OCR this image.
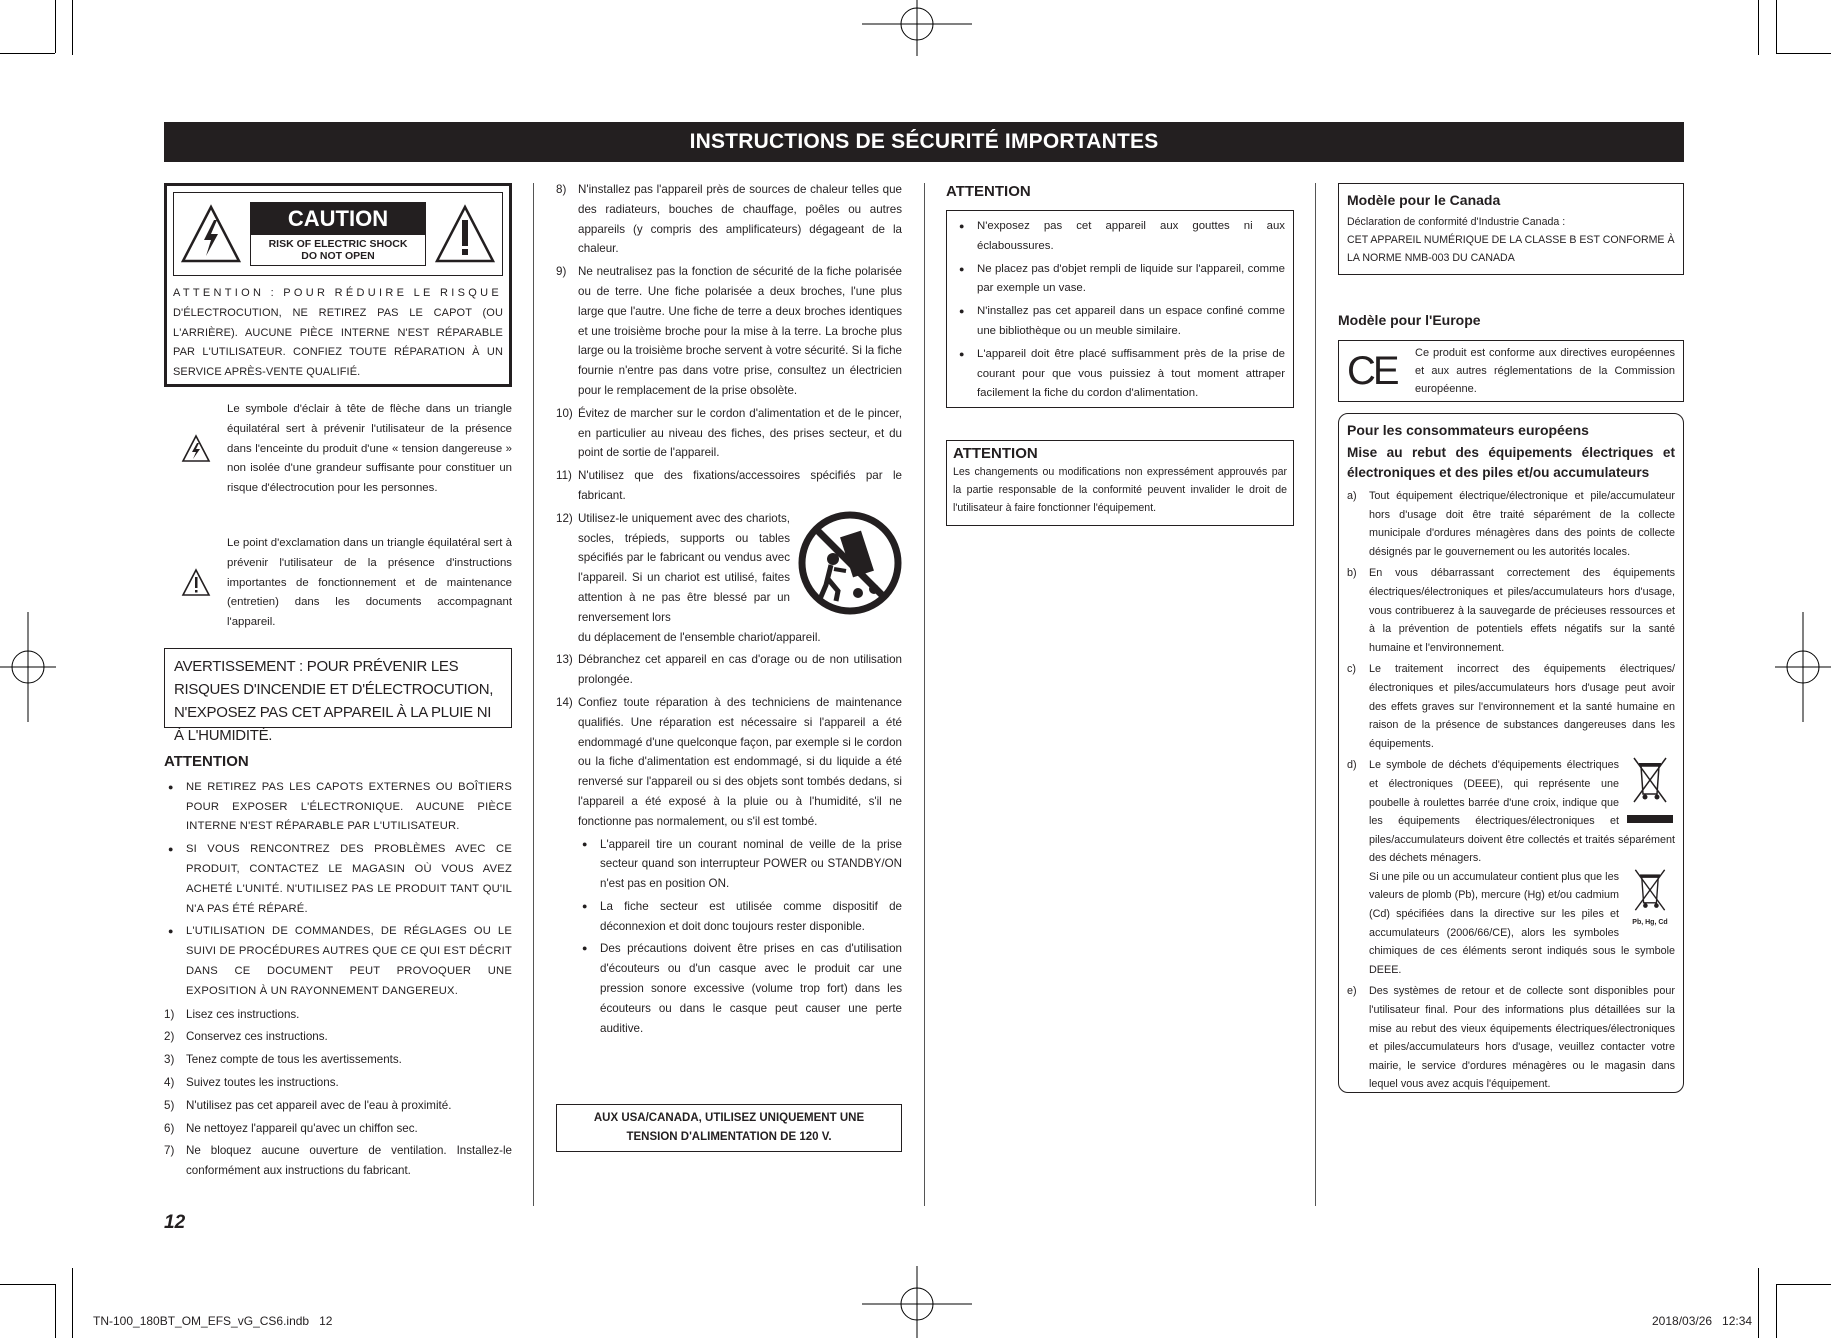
INSTRUCTIONS DE SÉCURITÉ IMPORTANTES
CAUTION
RISK OF ELECTRIC SHOCK
DO NOT OPEN
ATTENTION : POUR RÉDUIRE LE RISQUE
D'ÉLECTROCUTION, NE RETIREZ PAS LE CAPOT (OU L'ARRIÈRE). AUCUNE PIÈCE INTERNE N'EST RÉPARABLE PAR L'UTILISATEUR. CONFIEZ TOUTE RÉPARATION À UN SERVICE APRÈS-VENTE QUALIFIÉ.
Le symbole d'éclair à tête de flèche dans un triangle équilatéral sert à prévenir l'utilisateur de la présence dans l'enceinte du produit d'une « tension dangereuse » non isolée d'une grandeur suffisante pour constituer un risque d'électrocution pour les personnes.
Le point d'exclamation dans un triangle équilatéral sert à prévenir l'utilisateur de la présence d'instructions importantes de fonctionnement et de maintenance (entretien) dans les documents accompagnant l'appareil.
AVERTISSEMENT : POUR PRÉVENIR LES RISQUES D'INCENDIE ET D'ÉLECTROCUTION, N'EXPOSEZ PAS CET APPAREIL À LA PLUIE NI À L'HUMIDITÉ.
ATTENTION
● NE RETIREZ PAS LES CAPOTS EXTERNES OU BOÎTIERS POUR EXPOSER L'ÉLECTRONIQUE. AUCUNE PIÈCE INTERNE N'EST RÉPARABLE PAR L'UTILISATEUR.
● SI VOUS RENCONTREZ DES PROBLÈMES AVEC CE PRODUIT, CONTACTEZ LE MAGASIN OÙ VOUS AVEZ ACHETÉ L'UNITÉ. N'UTILISEZ PAS LE PRODUIT TANT QU'IL N'A PAS ÉTÉ RÉPARÉ.
● L'UTILISATION DE COMMANDES, DE RÉGLAGES OU LE SUIVI DE PROCÉDURES AUTRES QUE CE QUI EST DÉCRIT DANS CE DOCUMENT PEUT PROVOQUER UNE EXPOSITION À UN RAYONNEMENT DANGEREUX.
1) Lisez ces instructions.
2) Conservez ces instructions.
3) Tenez compte de tous les avertissements.
4) Suivez toutes les instructions.
5) N'utilisez pas cet appareil avec de l'eau à proximité.
6) Ne nettoyez l'appareil qu'avec un chiffon sec.
7) Ne bloquez aucune ouverture de ventilation. Installez-le conformément aux instructions du fabricant.
8) N'installez pas l'appareil près de sources de chaleur telles que des radiateurs, bouches de chauffage, poêles ou autres appareils (y compris des amplificateurs) dégageant de la chaleur.
9) Ne neutralisez pas la fonction de sécurité de la fiche polarisée ou de terre. Une fiche polarisée a deux broches, l'une plus large que l'autre. Une fiche de terre a deux broches identiques et une troisième broche pour la mise à la terre. La broche plus large ou la troisième broche servent à votre sécurité. Si la fiche fournie n'entre pas dans votre prise, consultez un électricien pour le remplacement de la prise obsolète.
10) Évitez de marcher sur le cordon d'alimentation et de le pincer, en particulier au niveau des fiches, des prises secteur, et du point de sortie de l'appareil.
11) N'utilisez que des fixations/accessoires spécifiés par le fabricant.
12) Utilisez-le uniquement avec des chariots, socles, trépieds, supports ou tables spécifiés par le fabricant ou vendus avec l'appareil. Si un chariot est utilisé, faites attention à ne pas être blessé par un renversement lors
du déplacement de l'ensemble chariot/appareil.
13) Débranchez cet appareil en cas d'orage ou de non utilisation prolongée.
14) Confiez toute réparation à des techniciens de maintenance qualifiés. Une réparation est nécessaire si l'appareil a été endommagé d'une quelconque façon, par exemple si le cordon ou la fiche d'alimentation est endommagé, si du liquide a été renversé sur l'appareil ou si des objets sont tombés dedans, si l'appareil a été exposé à la pluie ou à l'humidité, s'il ne fonctionne pas normalement, ou s'il est tombé.
● L'appareil tire un courant nominal de veille de la prise secteur quand son interrupteur POWER ou STANDBY/ON n'est pas en position ON.
● La fiche secteur est utilisée comme dispositif de déconnexion et doit donc toujours rester disponible.
● Des précautions doivent être prises en cas d'utilisation d'écouteurs ou d'un casque avec le produit car une pression sonore excessive (volume trop fort) dans les écouteurs ou dans le casque peut causer une perte auditive.
AUX USA/CANADA, UTILISEZ UNIQUEMENT UNE
TENSION D'ALIMENTATION DE 120 V.
ATTENTION
● N'exposez pas cet appareil aux gouttes ni aux éclaboussures.
● Ne placez pas d'objet rempli de liquide sur l'appareil, comme par exemple un vase.
● N'installez pas cet appareil dans un espace confiné comme une bibliothèque ou un meuble similaire.
● L'appareil doit être placé suffisamment près de la prise de courant pour que vous puissiez à tout moment attraper facilement la fiche du cordon d'alimentation.
ATTENTION
Les changements ou modifications non expressément approuvés par la partie responsable de la conformité peuvent invalider le droit de l'utilisateur à faire fonctionner l'équipement.
Modèle pour le Canada
Déclaration de conformité d'Industrie Canada :
CET APPAREIL NUMÉRIQUE DE LA CLASSE B EST CONFORME À LA NORME NMB-003 DU CANADA
Modèle pour l'Europe
CE	Ce produit est conforme aux directives européennes et aux autres réglementations de la Commission européenne.
Pour les consommateurs européens
Mise au rebut des équipements électriques et électroniques et des piles et/ou accumulateurs
a) Tout équipement électrique/électronique et pile/accumulateur hors d'usage doit être traité séparément de la collecte municipale d'ordures ménagères dans des points de collecte désignés par le gouvernement ou les autorités locales.
b) En vous débarrassant correctement des équipements électriques/électroniques et piles/accumulateurs hors d'usage, vous contribuerez à la sauvegarde de précieuses ressources et à la prévention de potentiels effets négatifs sur la santé humaine et l'environnement.
c) Le traitement incorrect des équipements électriques/électroniques et piles/accumulateurs hors d'usage peut avoir des effets graves sur l'environnement et la santé humaine en raison de la présence de substances dangereuses dans les équipements.
d) Le symbole de déchets d'équipements électriques et électroniques (DEEE), qui représente une poubelle à roulettes barrée d'une croix, indique que les équipements électriques/électroniques et piles/accumulateurs doivent être collectés et traités séparément des déchets ménagers.
Pb, Hg, Cd
Si une pile ou un accumulateur contient plus que les valeurs de plomb (Pb), mercure (Hg) et/ou cadmium (Cd) spécifiées dans la directive sur les piles et accumulateurs (2006/66/CE), alors les symboles chimiques de ces éléments seront indiqués sous le symbole DEEE.
e) Des systèmes de retour et de collecte sont disponibles pour l'utilisateur final. Pour des informations plus détaillées sur la mise au rebut des vieux équipements électriques/électroniques et piles/accumulateurs hors d'usage, veuillez contacter votre mairie, le service d'ordures ménagères ou le magasin dans lequel vous avez acquis l'équipement.
12
TN-100_180BT_OM_EFS_vG_CS6.indb   12	2018/03/26   12:34
